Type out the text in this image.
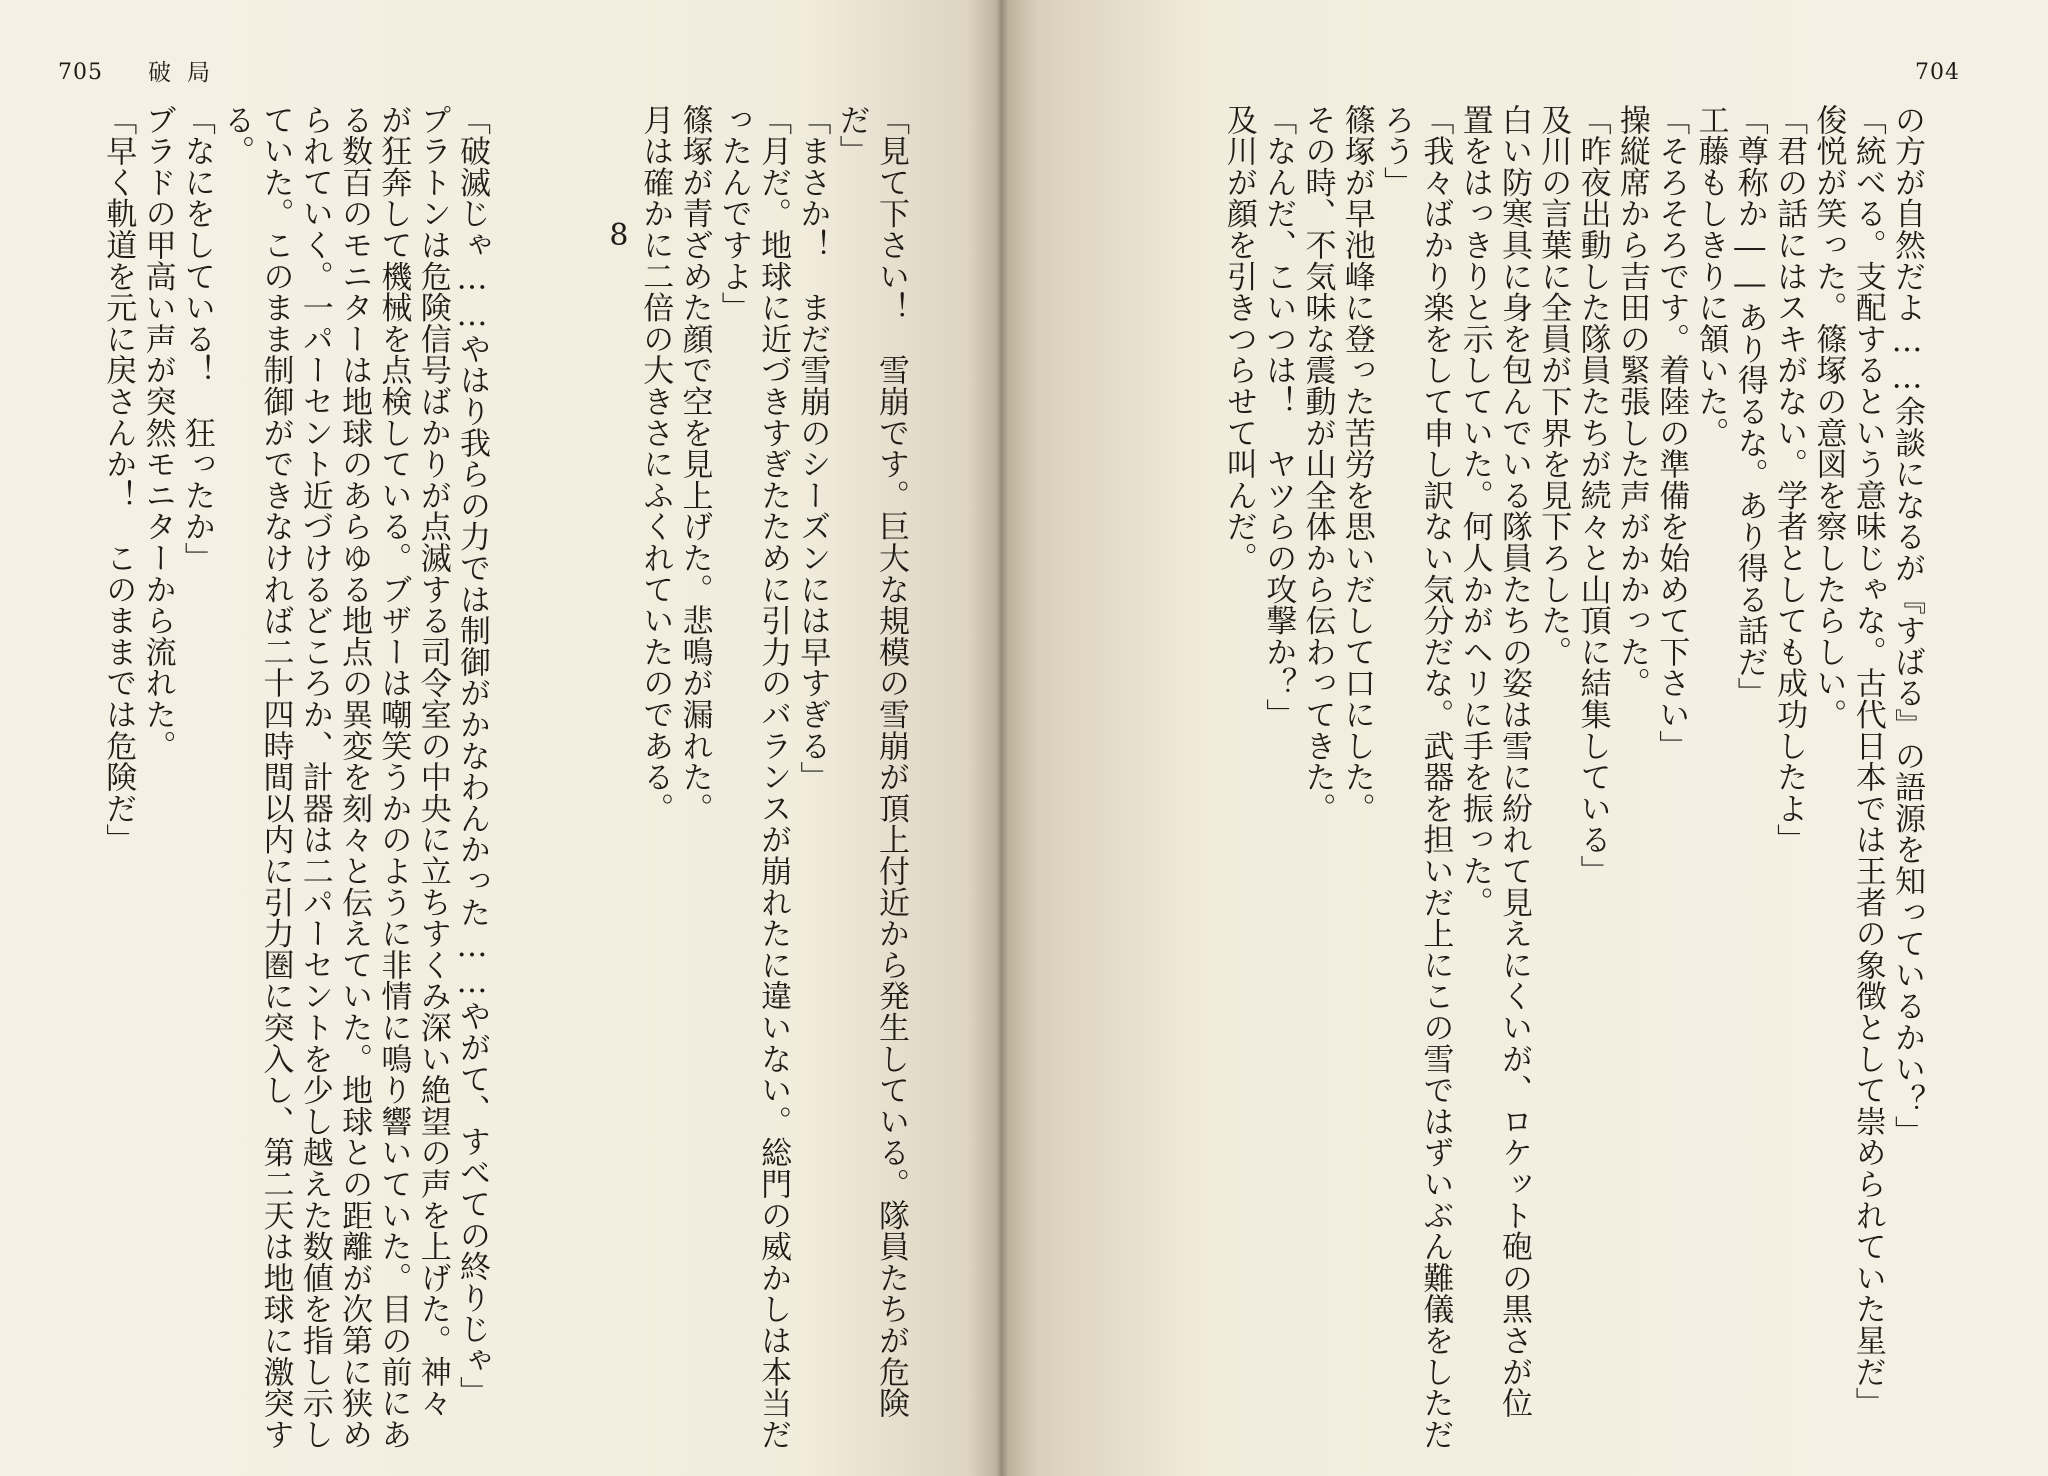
705 破局	704
8	の方が自然だよ……余談になるが『すばる』の語源を知っているかい？」
「統べる。支配するという意味じゃな。古代日本では王者の象徴として崇められていた星だ」
俊悦が笑った。篠塚の意図を察したらしい。
「君の話にはスキがない。学者としても成功したよ」
「尊称か――あり得るな。あり得る話だ」
工藤もしきりに頷いた。
「そろそろです。着陸の準備を始めて下さい」
操縦席から吉田の緊張した声がかかった。
「昨夜出動した隊員たちが続々と山頂に結集している」
及川の言葉に全員が下界を見下ろした。
白い防寒具に身を包んでいる隊員たちの姿は雪に紛れて見えにくいが、ロケット砲の黒さが位
置をはっきりと示していた。何人かがヘリに手を振った。
「我々ばかり楽をして申し訳ない気分だな。武器を担いだ上にこの雪ではずいぶん難儀をしただ
ろう」
篠塚が早池峰に登った苦労を思いだして口にした。
その時、不気味な震動が山全体から伝わってきた。
「なんだ、こいつは！　ヤツらの攻撃か？」
及川が顔を引きつらせて叫んだ。
「見て下さい！　雪崩です。巨大な規模の雪崩が頂上付近から発生している。隊員たちが危険
だ」
「まさか！　まだ雪崩のシーズンには早すぎる」
「月だ。地球に近づきすぎたために引力のバランスが崩れたに違いない。総門の威かしは本当だ
ったんですよ」
篠塚が青ざめた顔で空を見上げた。悲鳴が漏れた。
月は確かに二倍の大きさにふくれていたのである。
「破滅じゃ……やはり我らの力では制御がかなわんかった……やがて、すべての終りじゃ」
プラトンは危険信号ばかりが点滅する司令室の中央に立ちすくみ深い絶望の声を上げた。神々
が狂奔して機械を点検している。ブザーは嘲笑うかのように非情に鳴り響いていた。目の前にあ
る数百のモニターは地球のあらゆる地点の異変を刻々と伝えていた。地球との距離が次第に狭め
られていく。一パーセント近づけるどころか、計器は二パーセントを少し越えた数値を指し示し
ていた。このまま制御ができなければ二十四時間以内に引力圏に突入し、第二天は地球に激突す
る。
「なにをしている！　狂ったか」
ブラドの甲高い声が突然モニターから流れた。
「早く軌道を元に戻さんか！　このままでは危険だ」
